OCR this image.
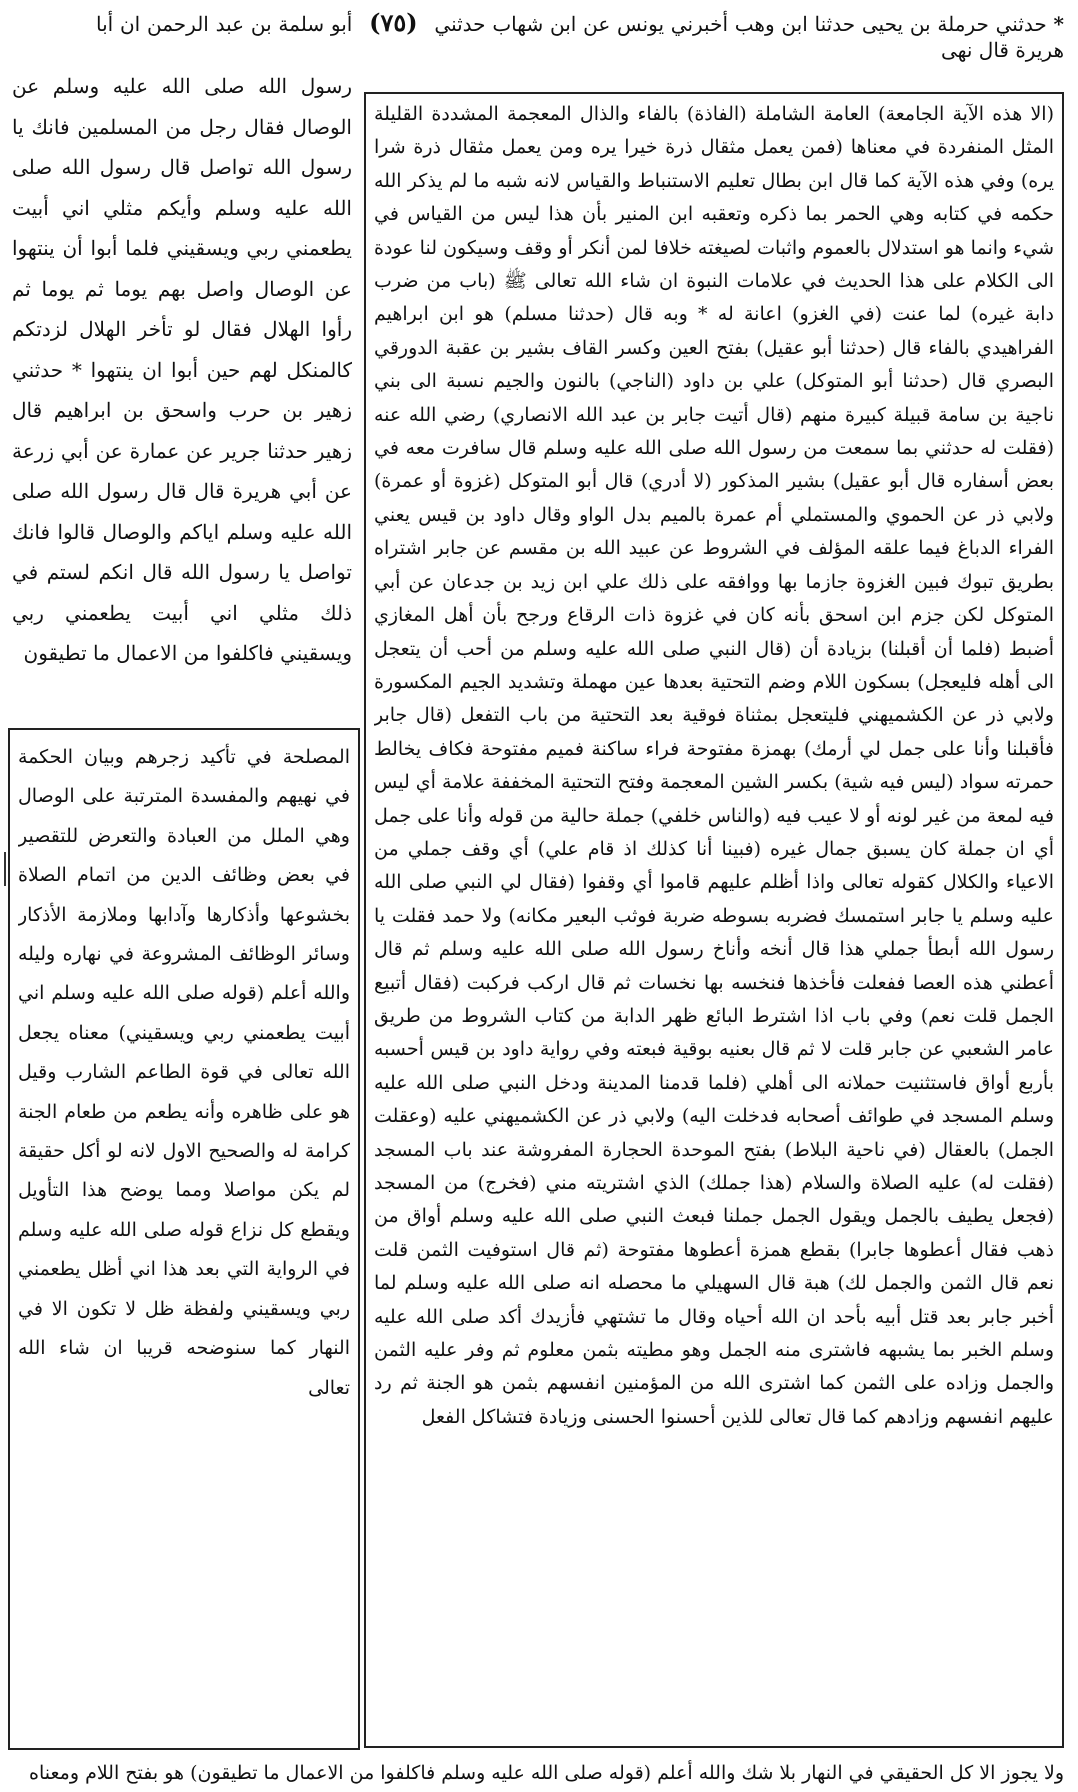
* حدثني حرملة بن يحيى حدثنا ابن وهب أخبرني يونس عن ابن شهاب حدثني (٧٥) أبو سلمة بن عبد الرحمن ان أبا هريرة قال نهى
رسول الله صلى الله عليه وسلم عن الوصال فقال رجل من المسلمين فانك يا رسول الله تواصل قال رسول الله صلى الله عليه وسلم وأيكم مثلي اني أبيت يطعمني ربي ويسقيني فلما أبوا أن ينتهوا عن الوصال واصل بهم يوما ثم يوما ثم رأوا الهلال فقال لو تأخر الهلال لزدتكم كالمنكل لهم حين أبوا ان ينتهوا * حدثني زهير بن حرب واسحق بن ابراهيم قال زهير حدثنا جرير عن عمارة عن أبي زرعة عن أبي هريرة قال قال رسول الله صلى الله عليه وسلم اياكم والوصال قالوا فانك تواصل يا رسول الله قال انكم لستم في ذلك مثلي اني أبيت يطعمني ربي ويسقيني فاكلفوا من الاعمال ما تطيقون
المصلحة في تأكيد زجرهم وبيان الحكمة في نهيهم والمفسدة المترتبة على الوصال وهي الملل من العبادة والتعرض للتقصير في بعض وظائف الدين من اتمام الصلاة بخشوعها وأذكارها وآدابها وملازمة الأذكار وسائر الوظائف المشروعة في نهاره وليله والله أعلم (قوله صلى الله عليه وسلم اني أبيت يطعمني ربي ويسقيني) معناه يجعل الله تعالى في قوة الطاعم الشارب وقيل هو على ظاهره وأنه يطعم من طعام الجنة كرامة له والصحيح الاول لانه لو أكل حقيقة لم يكن مواصلا ومما يوضح هذا التأويل ويقطع كل نزاع قوله صلى الله عليه وسلم في الرواية التي بعد هذا اني أظل يطعمني ربي ويسقيني ولفظة ظل لا تكون الا في النهار كما سنوضحه قريبا ان شاء الله تعالى
(الا هذه الآية الجامعة) العامة الشاملة (الفاذة) بالفاء والذال المعجمة المشددة القليلة المثل المنفردة في معناها (فمن يعمل مثقال ذرة خيرا يره ومن يعمل مثقال ذرة شرا يره) وفي هذه الآية كما قال ابن بطال تعليم الاستنباط والقياس لانه شبه ما لم يذكر الله حكمه في كتابه وهي الحمر بما ذكره وتعقبه ابن المنير بأن هذا ليس من القياس في شيء وانما هو استدلال بالعموم واثبات لصيغته خلافا لمن أنكر أو وقف وسيكون لنا عودة الى الكلام على هذا الحديث في علامات النبوة ان شاء الله تعالى ﷺ (باب من ضرب دابة غيره) لما عنت (في الغزو) اعانة له * وبه قال (حدثنا مسلم) هو ابن ابراهيم الفراهيدي بالفاء قال (حدثنا أبو عقيل) بفتح العين وكسر القاف بشير بن عقبة الدورقي البصري قال (حدثنا أبو المتوكل) علي بن داود (الناجي) بالنون والجيم نسبة الى بني ناجية بن سامة قبيلة كبيرة منهم (قال أتيت جابر بن عبد الله الانصاري) رضي الله عنه (فقلت له حدثني بما سمعت من رسول الله صلى الله عليه وسلم قال سافرت معه في بعض أسفاره قال أبو عقيل) بشير المذكور (لا أدري) قال أبو المتوكل (غزوة أو عمرة) ولابي ذر عن الحموي والمستملي أم عمرة بالميم بدل الواو وقال داود بن قيس يعني الفراء الدباغ فيما علقه المؤلف في الشروط عن عبيد الله بن مقسم عن جابر اشتراه بطريق تبوك فبين الغزوة جازما بها ووافقه على ذلك علي ابن زيد بن جدعان عن أبي المتوكل لكن جزم ابن اسحق بأنه كان في غزوة ذات الرقاع ورجح بأن أهل المغازي أضبط (فلما أن أقبلنا) بزيادة أن (قال النبي صلى الله عليه وسلم من أحب أن يتعجل الى أهله فليعجل) بسكون اللام وضم التحتية بعدها عين مهملة وتشديد الجيم المكسورة ولابي ذر عن الكشميهني فليتعجل بمثناة فوقية بعد التحتية من باب التفعل (قال جابر فأقبلنا وأنا على جمل لي أرمك) بهمزة مفتوحة فراء ساكنة فميم مفتوحة فكاف يخالط حمرته سواد (ليس فيه شية) بكسر الشين المعجمة وفتح التحتية المخففة علامة أي ليس فيه لمعة من غير لونه أو لا عيب فيه (والناس خلفي) جملة حالية من قوله وأنا على جمل أي ان جملة كان يسبق جمال غيره (فبينا أنا كذلك اذ قام علي) أي وقف جملي من الاعياء والكلال كقوله تعالى واذا أظلم عليهم قاموا أي وقفوا (فقال لي النبي صلى الله عليه وسلم يا جابر استمسك فضربه بسوطه ضربة فوثب البعير مكانه) ولا حمد فقلت يا رسول الله أبطأ جملي هذا قال أنخه وأناخ رسول الله صلى الله عليه وسلم ثم قال أعطني هذه العصا ففعلت فأخذها فنخسه بها نخسات ثم قال اركب فركبت (فقال أتبيع الجمل قلت نعم) وفي باب اذا اشترط البائع ظهر الدابة من كتاب الشروط من طريق عامر الشعبي عن جابر قلت لا ثم قال بعنيه بوقية فبعته وفي رواية داود بن قيس أحسبه بأربع أواق فاستثنيت حملانه الى أهلي (فلما قدمنا المدينة ودخل النبي صلى الله عليه وسلم المسجد في طوائف أصحابه فدخلت اليه) ولابي ذر عن الكشميهني عليه (وعقلت الجمل) بالعقال (في ناحية البلاط) بفتح الموحدة الحجارة المفروشة عند باب المسجد (فقلت له) عليه الصلاة والسلام (هذا جملك) الذي اشتريته مني (فخرج) من المسجد (فجعل يطيف بالجمل ويقول الجمل جملنا فبعث النبي صلى الله عليه وسلم أواق من ذهب فقال أعطوها جابرا) بقطع همزة أعطوها مفتوحة (ثم قال استوفيت الثمن قلت نعم قال الثمن والجمل لك) هبة قال السهيلي ما محصله انه صلى الله عليه وسلم لما أخبر جابر بعد قتل أبيه بأحد ان الله أحياه وقال ما تشتهي فأزيدك أكد صلى الله عليه وسلم الخبر بما يشبهه فاشترى منه الجمل وهو مطيته بثمن معلوم ثم وفر عليه الثمن والجمل وزاده على الثمن كما اشترى الله من المؤمنين انفسهم بثمن هو الجنة ثم رد عليهم انفسهم وزادهم كما قال تعالى للذين أحسنوا الحسنى وزيادة فتشاكل الفعل
ولا يجوز الا كل الحقيقي في النهار بلا شك والله أعلم (قوله صلى الله عليه وسلم فاكلفوا من الاعمال ما تطيقون) هو بفتح اللام ومعناه
